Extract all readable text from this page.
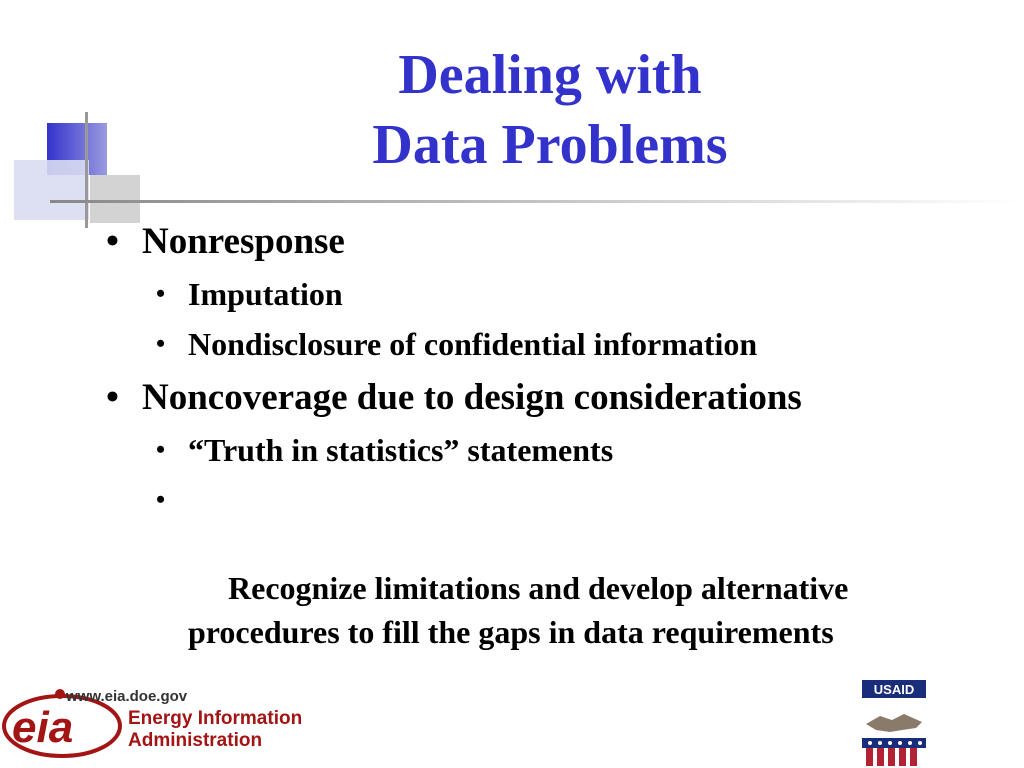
Dealing with
Data Problems
• Nonresponse
• Imputation
• Nondisclosure of confidential information
• Noncoverage due to design considerations
• “Truth in statistics” statements

•

Recognize limitations and develop alternative procedures to fill the gaps in data requirements

eia
www.eia.doe.gov
Energy Information
Administration
USAID
